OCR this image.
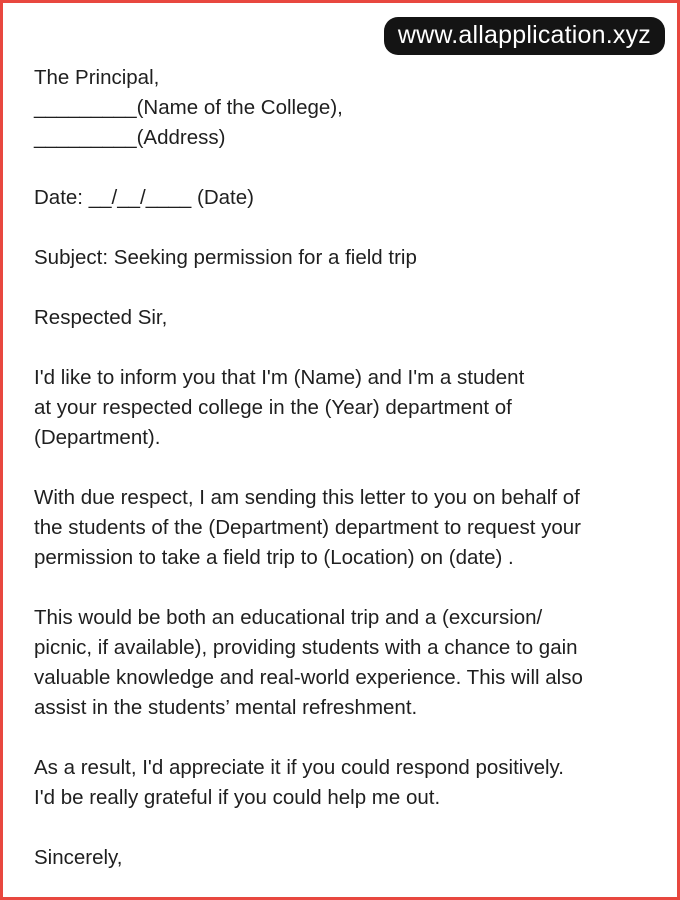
www.allapplication.xyz
The Principal,
_________(Name of the College),
_________(Address)
Date: __/__/____ (Date)
Subject: Seeking permission for a field trip
Respected Sir,
I'd like to inform you that I'm (Name) and I'm a student
at your respected college in the (Year) department of
(Department).
With due respect, I am sending this letter to you on behalf of
the students of the (Department) department to request your
permission to take a field trip to (Location) on (date) .
This would be both an educational trip and a (excursion/
picnic, if available), providing students with a chance to gain
valuable knowledge and real-world experience. This will also
assist in the students’ mental refreshment.
As a result, I'd appreciate it if you could respond positively.
I'd be really grateful if you could help me out.
Sincerely,
